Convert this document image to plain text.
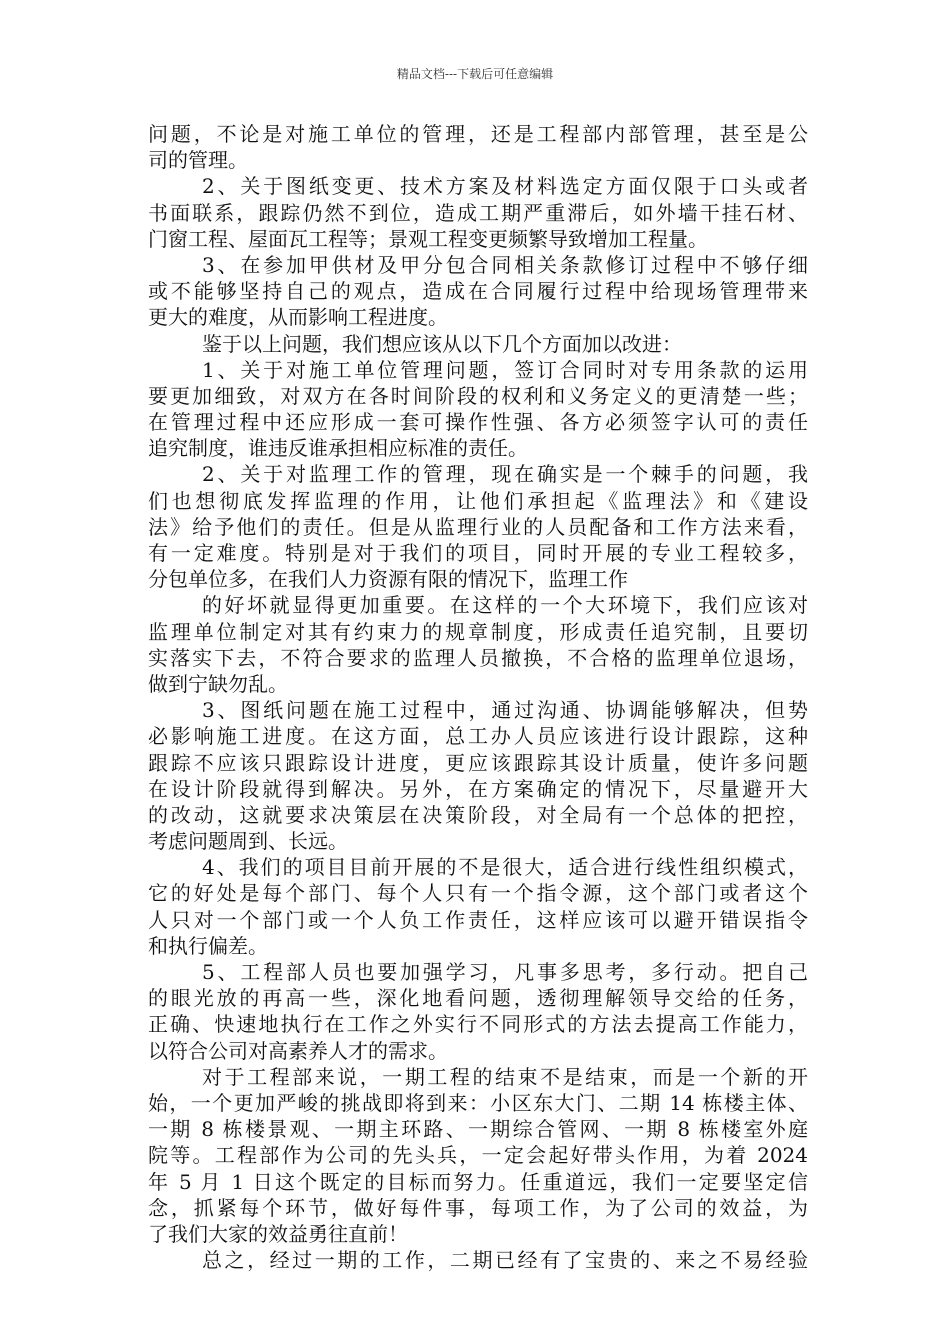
精品文档---下载后可任意编辑
问题，不论是对施工单位的管理，还是工程部内部管理，甚至是公
司的管理。
2、关于图纸变更、技术方案及材料选定方面仅限于口头或者
书面联系，跟踪仍然不到位，造成工期严重滞后，如外墙干挂石材、
门窗工程、屋面瓦工程等；景观工程变更频繁导致增加工程量。
3、在参加甲供材及甲分包合同相关条款修订过程中不够仔细
或不能够坚持自己的观点，造成在合同履行过程中给现场管理带来
更大的难度，从而影响工程进度。
鉴于以上问题，我们想应该从以下几个方面加以改进：
1、关于对施工单位管理问题，签订合同时对专用条款的运用
要更加细致，对双方在各时间阶段的权利和义务定义的更清楚一些；
在管理过程中还应形成一套可操作性强、各方必须签字认可的责任
追究制度，谁违反谁承担相应标准的责任。
2、关于对监理工作的管理，现在确实是一个棘手的问题，我
们也想彻底发挥监理的作用，让他们承担起《监理法》和《建设
法》给予他们的责任。但是从监理行业的人员配备和工作方法来看，
有一定难度。特别是对于我们的项目，同时开展的专业工程较多，
分包单位多，在我们人力资源有限的情况下，监理工作
的好坏就显得更加重要。在这样的一个大环境下，我们应该对
监理单位制定对其有约束力的规章制度，形成责任追究制，且要切
实落实下去，不符合要求的监理人员撤换，不合格的监理单位退场，
做到宁缺勿乱。
3、图纸问题在施工过程中，通过沟通、协调能够解决，但势
必影响施工进度。在这方面，总工办人员应该进行设计跟踪，这种
跟踪不应该只跟踪设计进度，更应该跟踪其设计质量，使许多问题
在设计阶段就得到解决。另外，在方案确定的情况下，尽量避开大
的改动，这就要求决策层在决策阶段，对全局有一个总体的把控，
考虑问题周到、长远。
4、我们的项目目前开展的不是很大，适合进行线性组织模式，
它的好处是每个部门、每个人只有一个指令源，这个部门或者这个
人只对一个部门或一个人负工作责任，这样应该可以避开错误指令
和执行偏差。
5、工程部人员也要加强学习，凡事多思考，多行动。把自己
的眼光放的再高一些，深化地看问题，透彻理解领导交给的任务，
正确、快速地执行在工作之外实行不同形式的方法去提高工作能力，
以符合公司对高素养人才的需求。
对于工程部来说，一期工程的结束不是结束，而是一个新的开
始，一个更加严峻的挑战即将到来：小区东大门、二期 14 栋楼主体、
一期 8 栋楼景观、一期主环路、一期综合管网、一期 8 栋楼室外庭
院等。工程部作为公司的先头兵，一定会起好带头作用，为着 2024
年 5 月 1 日这个既定的目标而努力。任重道远，我们一定要坚定信
念，抓紧每个环节，做好每件事，每项工作，为了公司的效益，为
了我们大家的效益勇往直前！
总之，经过一期的工作，二期已经有了宝贵的、来之不易经验
